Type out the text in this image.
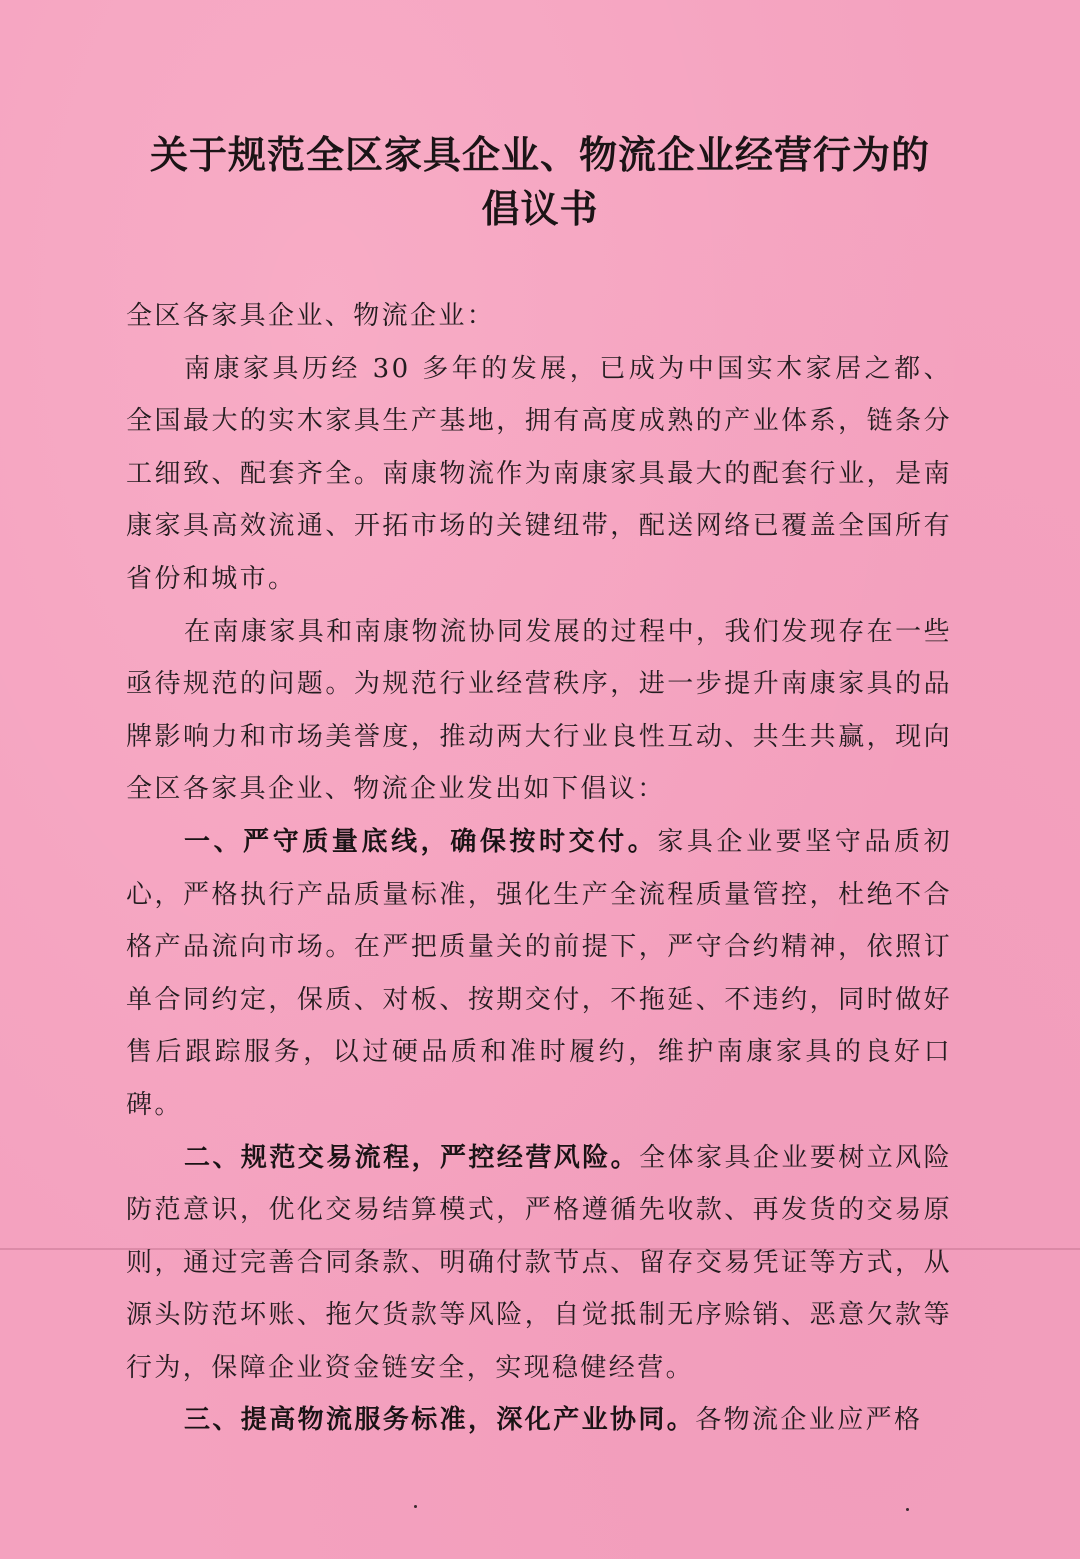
关于规范全区家具企业、物流企业经营行为的
倡议书

全区各家具企业、物流企业：

南康家具历经 30 多年的发展，已成为中国实木家居之都、全国最大的实木家具生产基地，拥有高度成熟的产业体系，链条分工细致、配套齐全。南康物流作为南康家具最大的配套行业，是南康家具高效流通、开拓市场的关键纽带，配送网络已覆盖全国所有省份和城市。

在南康家具和南康物流协同发展的过程中，我们发现存在一些亟待规范的问题。为规范行业经营秩序，进一步提升南康家具的品牌影响力和市场美誉度，推动两大行业良性互动、共生共赢，现向全区各家具企业、物流企业发出如下倡议：

一、严守质量底线，确保按时交付。家具企业要坚守品质初心，严格执行产品质量标准，强化生产全流程质量管控，杜绝不合格产品流向市场。在严把质量关的前提下，严守合约精神，依照订单合同约定，保质、对板、按期交付，不拖延、不违约，同时做好售后跟踪服务，以过硬品质和准时履约，维护南康家具的良好口碑。

二、规范交易流程，严控经营风险。全体家具企业要树立风险防范意识，优化交易结算模式，严格遵循先收款、再发货的交易原则，通过完善合同条款、明确付款节点、留存交易凭证等方式，从源头防范坏账、拖欠货款等风险，自觉抵制无序赊销、恶意欠款等行为，保障企业资金链安全，实现稳健经营。

三、提高物流服务标准，深化产业协同。各物流企业应严格
